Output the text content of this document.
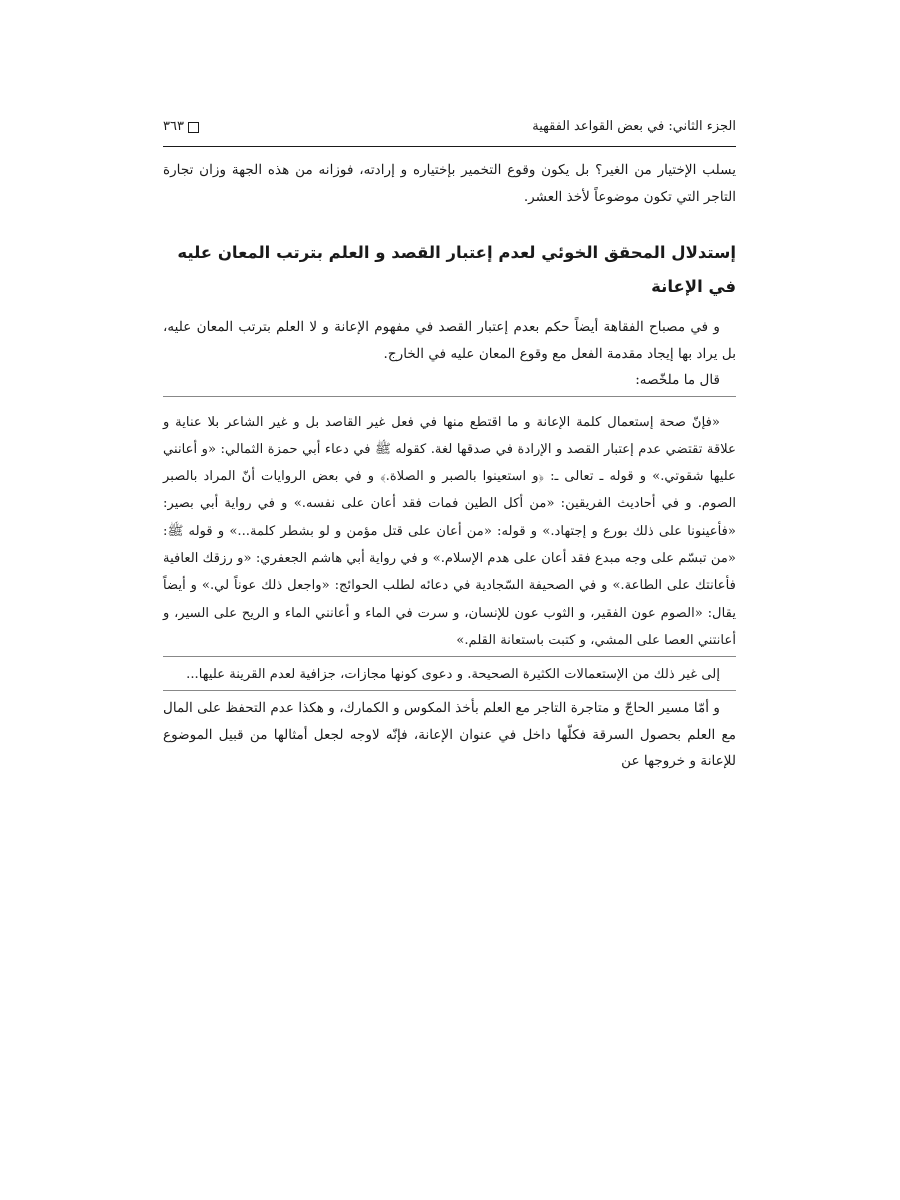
الجزء الثاني: في بعض القواعد الفقهية
٣٦٣

يسلب الإختيار من الغير؟ بل يكون وقوع التخمير بإختياره و إرادته، فوزانه من هذه الجهة وزان تجارة التاجر التي تكون موضوعاً لأخذ العشر.

إستدلال المحقق الخوئي لعدم إعتبار القصد و العلم بترتب المعان عليه في الإعانة

و في مصباح الفقاهة أيضاً حكم بعدم إعتبار القصد في مفهوم الإعانة و لا العلم بترتب المعان عليه، بل يراد بها إيجاد مقدمة الفعل مع وقوع المعان عليه في الخارج.

قال ما ملخّصه:

«فإنّ صحة إستعمال كلمة الإعانة و ما اقتطع منها في فعل غير القاصد بل و غير الشاعر بلا عناية و علاقة تقتضي عدم إعتبار القصد و الإرادة في صدقها لغة. كقوله ﷺ في دعاء أبي حمزة الثمالي: «و أعانني عليها شقوتي.» و قوله ـ تعالى ـ: ﴿و استعينوا بالصبر و الصلاة.﴾ و في بعض الروايات أنّ المراد بالصبر الصوم. و في أحاديث الفريقين: «من أكل الطين فمات فقد أعان على نفسه.» و في رواية أبي بصير: «فأعينونا على ذلك بورع و إجتهاد.» و قوله: «من أعان على قتل مؤمن و لو بشطر كلمة...» و قوله ﷺ: «من تبسّم على وجه مبدع فقد أعان على هدم الإسلام.» و في رواية أبي هاشم الجعفري: «و رزقك العافية فأعانتك على الطاعة.» و في الصحيفة السّجادية في دعائه لطلب الحوائج: «واجعل ذلك عوناً لي.» و أيضاً يقال: «الصوم عون الفقير، و الثوب عون للإنسان، و سرت في الماء و أعانني الماء و الريح على السير، و أعانتني العصا على المشي، و كتبت باستعانة القلم.»

إلى غير ذلك من الإستعمالات الكثيرة الصحيحة. و دعوى كونها مجازات، جزافية لعدم القرينة عليها...

و أمّا مسير الحاجّ و متاجرة التاجر مع العلم بأخذ المكوس و الكمارك، و هكذا عدم التحفظ على المال مع العلم بحصول السرقة فكلّها داخل في عنوان الإعانة، فإنّه لاوجه لجعل أمثالها من قبيل الموضوع للإعانة و خروجها عن
